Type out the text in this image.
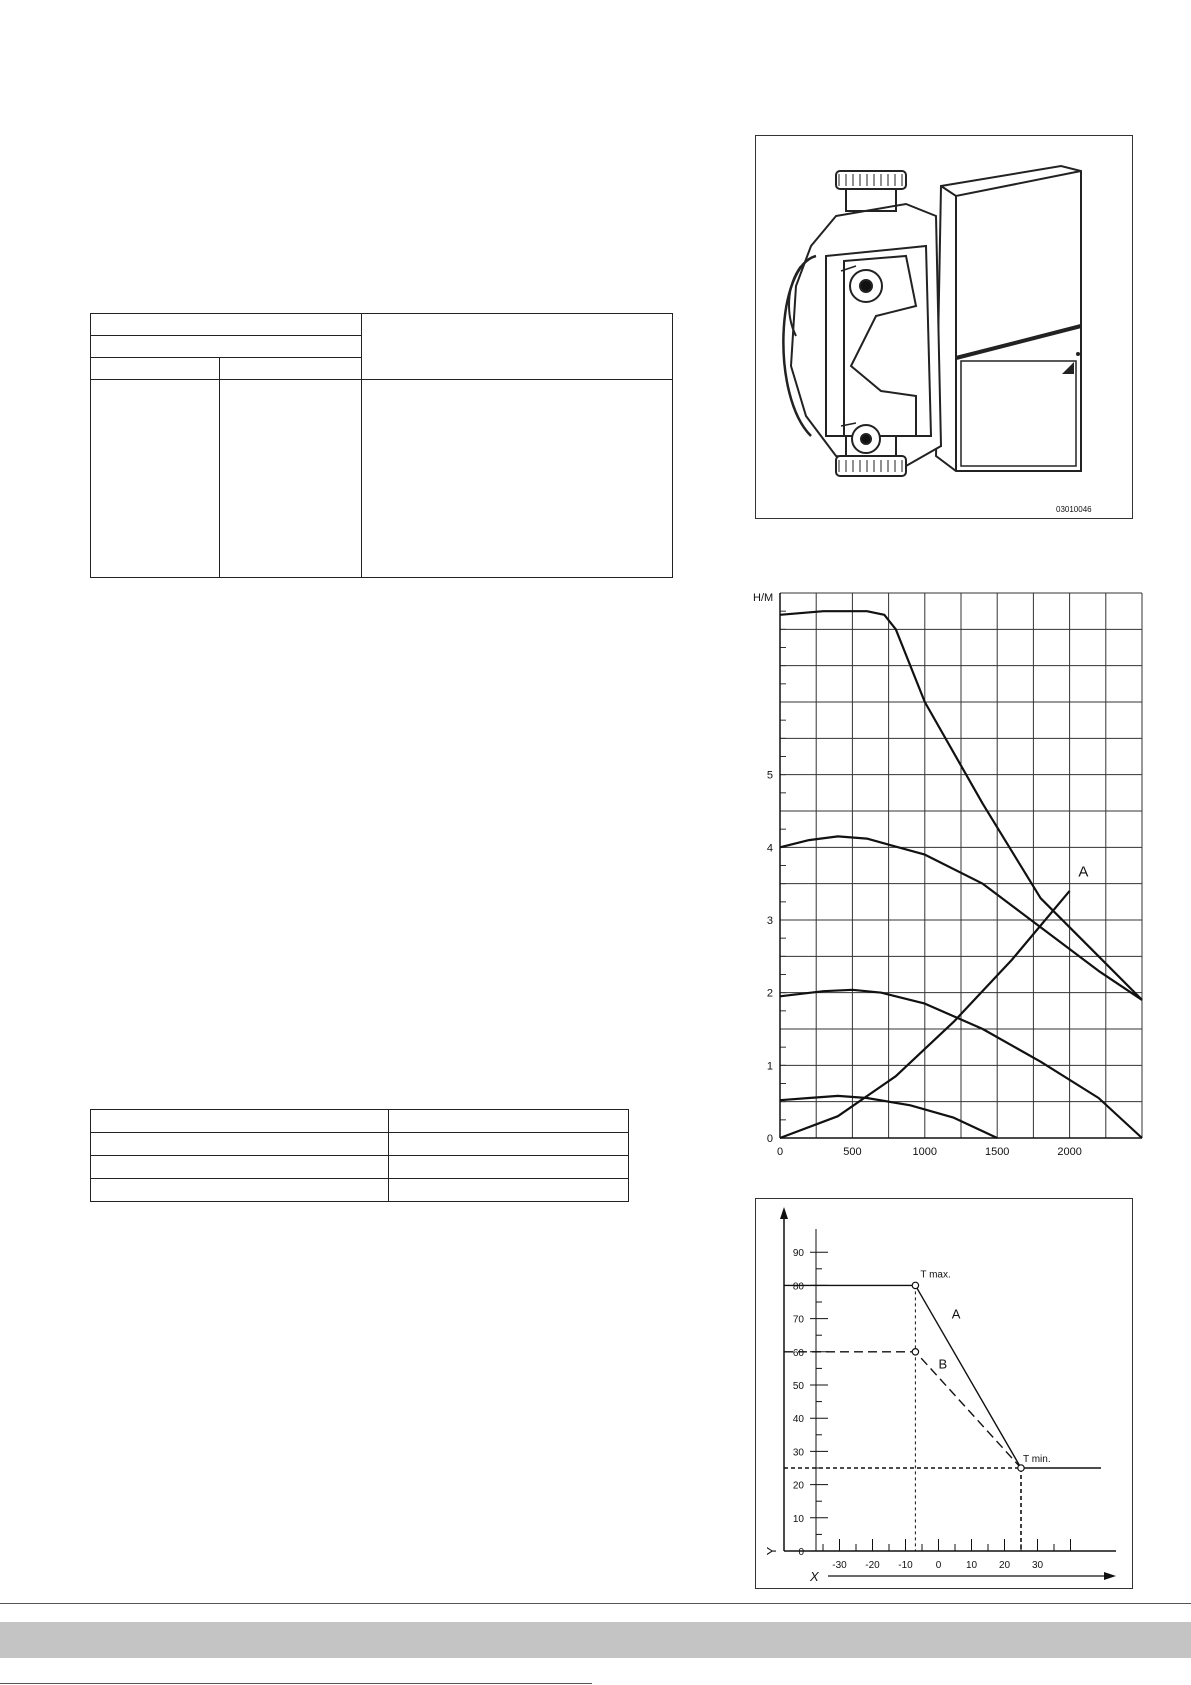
03010046
H/M
0
1
2
3
4
5
0	500	1000	1500	2000
A
0
10
20
30
40
50
60
70
80
90
-30 -20 -10 0 10 20 30
Y
X
T max.
T min.
A
B
